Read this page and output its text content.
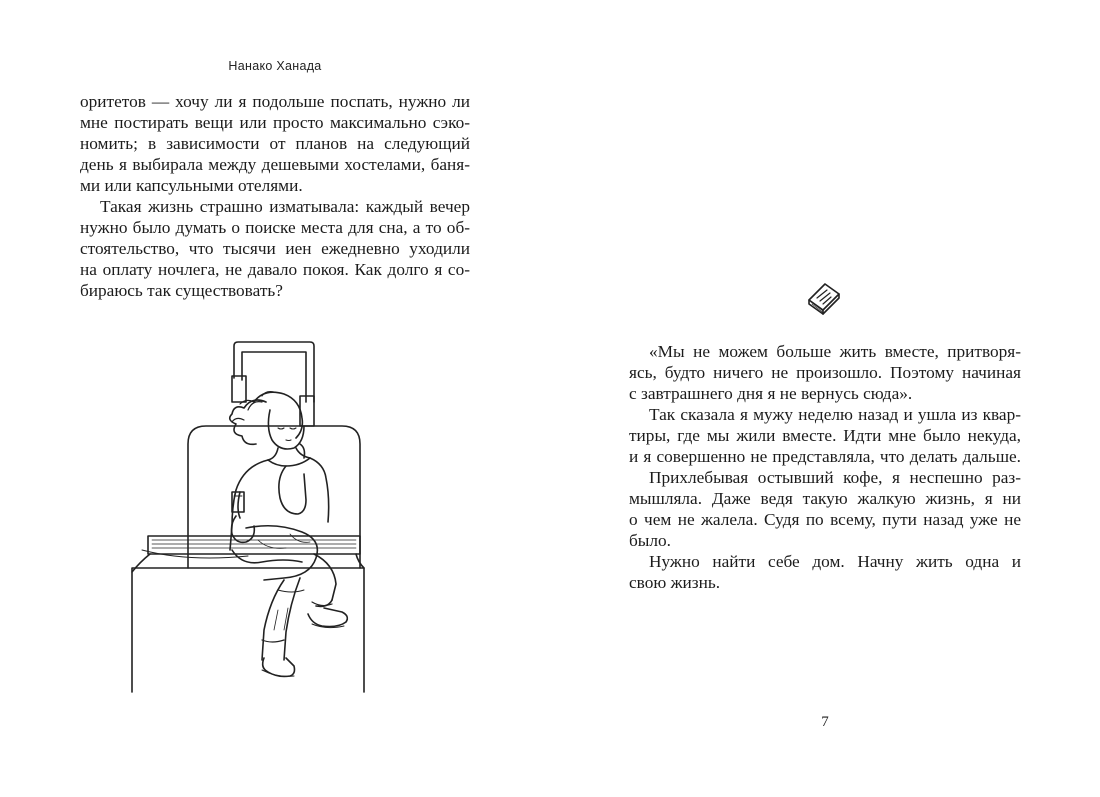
Нанако Ханада
оритетов — хочу ли я подольше поспать, нужно ли
мне постирать вещи или просто максимально сэко-
номить; в зависимости от планов на следующий
день я выбирала между дешевыми хостелами, баня-
ми или капсульными отелями.
Такая жизнь страшно изматывала: каждый вечер
нужно было думать о поиске места для сна, а то об-
стоятельство, что тысячи иен ежедневно уходили
на оплату ночлега, не давало покоя. Как долго я со-
бираюсь так существовать?
«Мы не можем больше жить вместе, притворя-
ясь, будто ничего не произошло. Поэтому начиная
с завтрашнего дня я не вернусь сюда».
Так сказала я мужу неделю назад и ушла из квар-
тиры, где мы жили вместе. Идти мне было некуда,
и я совершенно не представляла, что делать дальше.
Прихлебывая остывший кофе, я неспешно раз-
мышляла. Даже ведя такую жалкую жизнь, я ни
о чем не жалела. Судя по всему, пути назад уже не
было.
Нужно найти себе дом. Начну жить одна и
свою жизнь.
7
